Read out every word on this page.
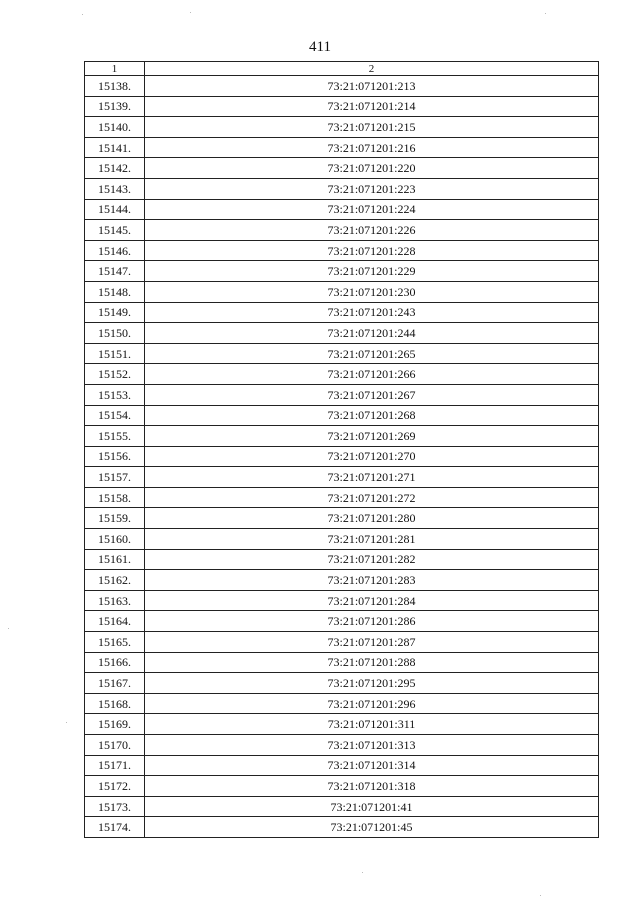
411
1	2
15138.	73:21:071201:213
15139.	73:21:071201:214
15140.	73:21:071201:215
15141.	73:21:071201:216
15142.	73:21:071201:220
15143.	73:21:071201:223
15144.	73:21:071201:224
15145.	73:21:071201:226
15146.	73:21:071201:228
15147.	73:21:071201:229
15148.	73:21:071201:230
15149.	73:21:071201:243
15150.	73:21:071201:244
15151.	73:21:071201:265
15152.	73:21:071201:266
15153.	73:21:071201:267
15154.	73:21:071201:268
15155.	73:21:071201:269
15156.	73:21:071201:270
15157.	73:21:071201:271
15158.	73:21:071201:272
15159.	73:21:071201:280
15160.	73:21:071201:281
15161.	73:21:071201:282
15162.	73:21:071201:283
15163.	73:21:071201:284
15164.	73:21:071201:286
15165.	73:21:071201:287
15166.	73:21:071201:288
15167.	73:21:071201:295
15168.	73:21:071201:296
15169.	73:21:071201:311
15170.	73:21:071201:313
15171.	73:21:071201:314
15172.	73:21:071201:318
15173.	73:21:071201:41
15174.	73:21:071201:45
